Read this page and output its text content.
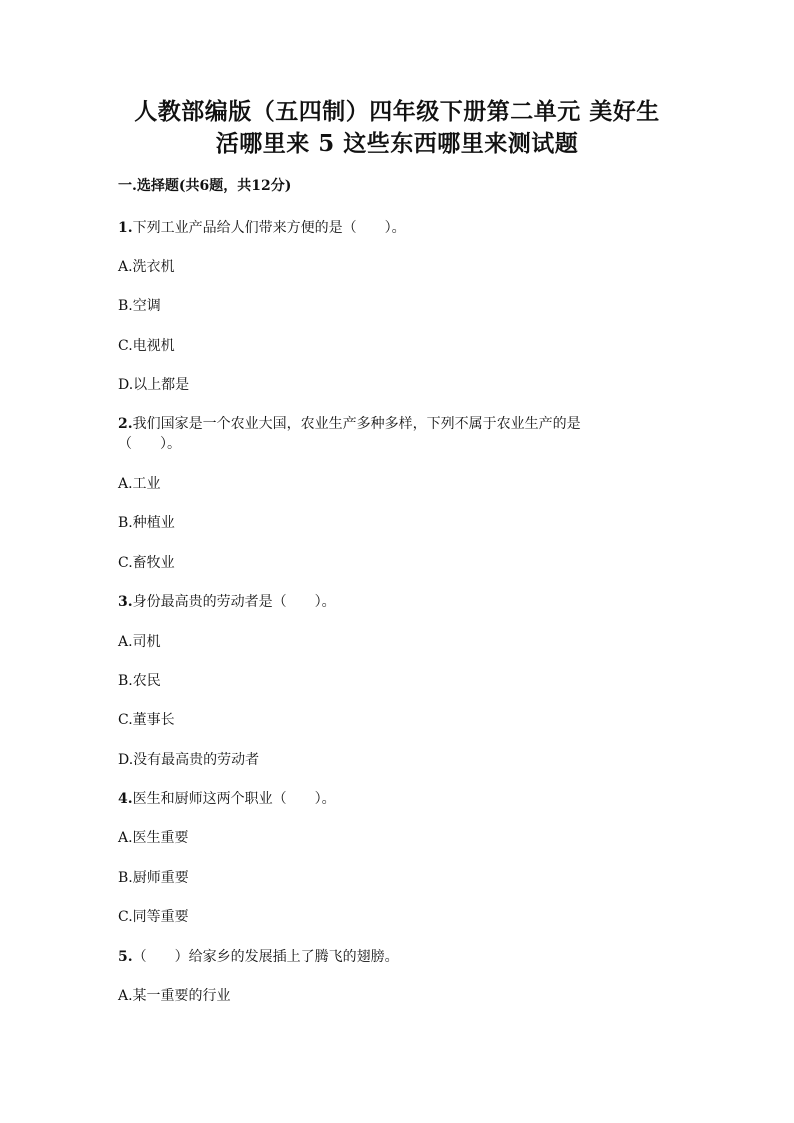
人教部编版（五四制）四年级下册第二单元 美好生
活哪里来 5 这些东西哪里来测试题
一.选择题(共6题，共12分)
1.下列工业产品给人们带来方便的是（　　）。
A.洗衣机
B.空调
C.电视机
D.以上都是
2.我们国家是一个农业大国，农业生产多种多样，下列不属于农业生产的是
（　　）。
A.工业
B.种植业
C.畜牧业
3.身份最高贵的劳动者是（　　）。
A.司机
B.农民
C.董事长
D.没有最高贵的劳动者
4.医生和厨师这两个职业（　　）。
A.医生重要
B.厨师重要
C.同等重要
5.（　　）给家乡的发展插上了腾飞的翅膀。
A.某一重要的行业
